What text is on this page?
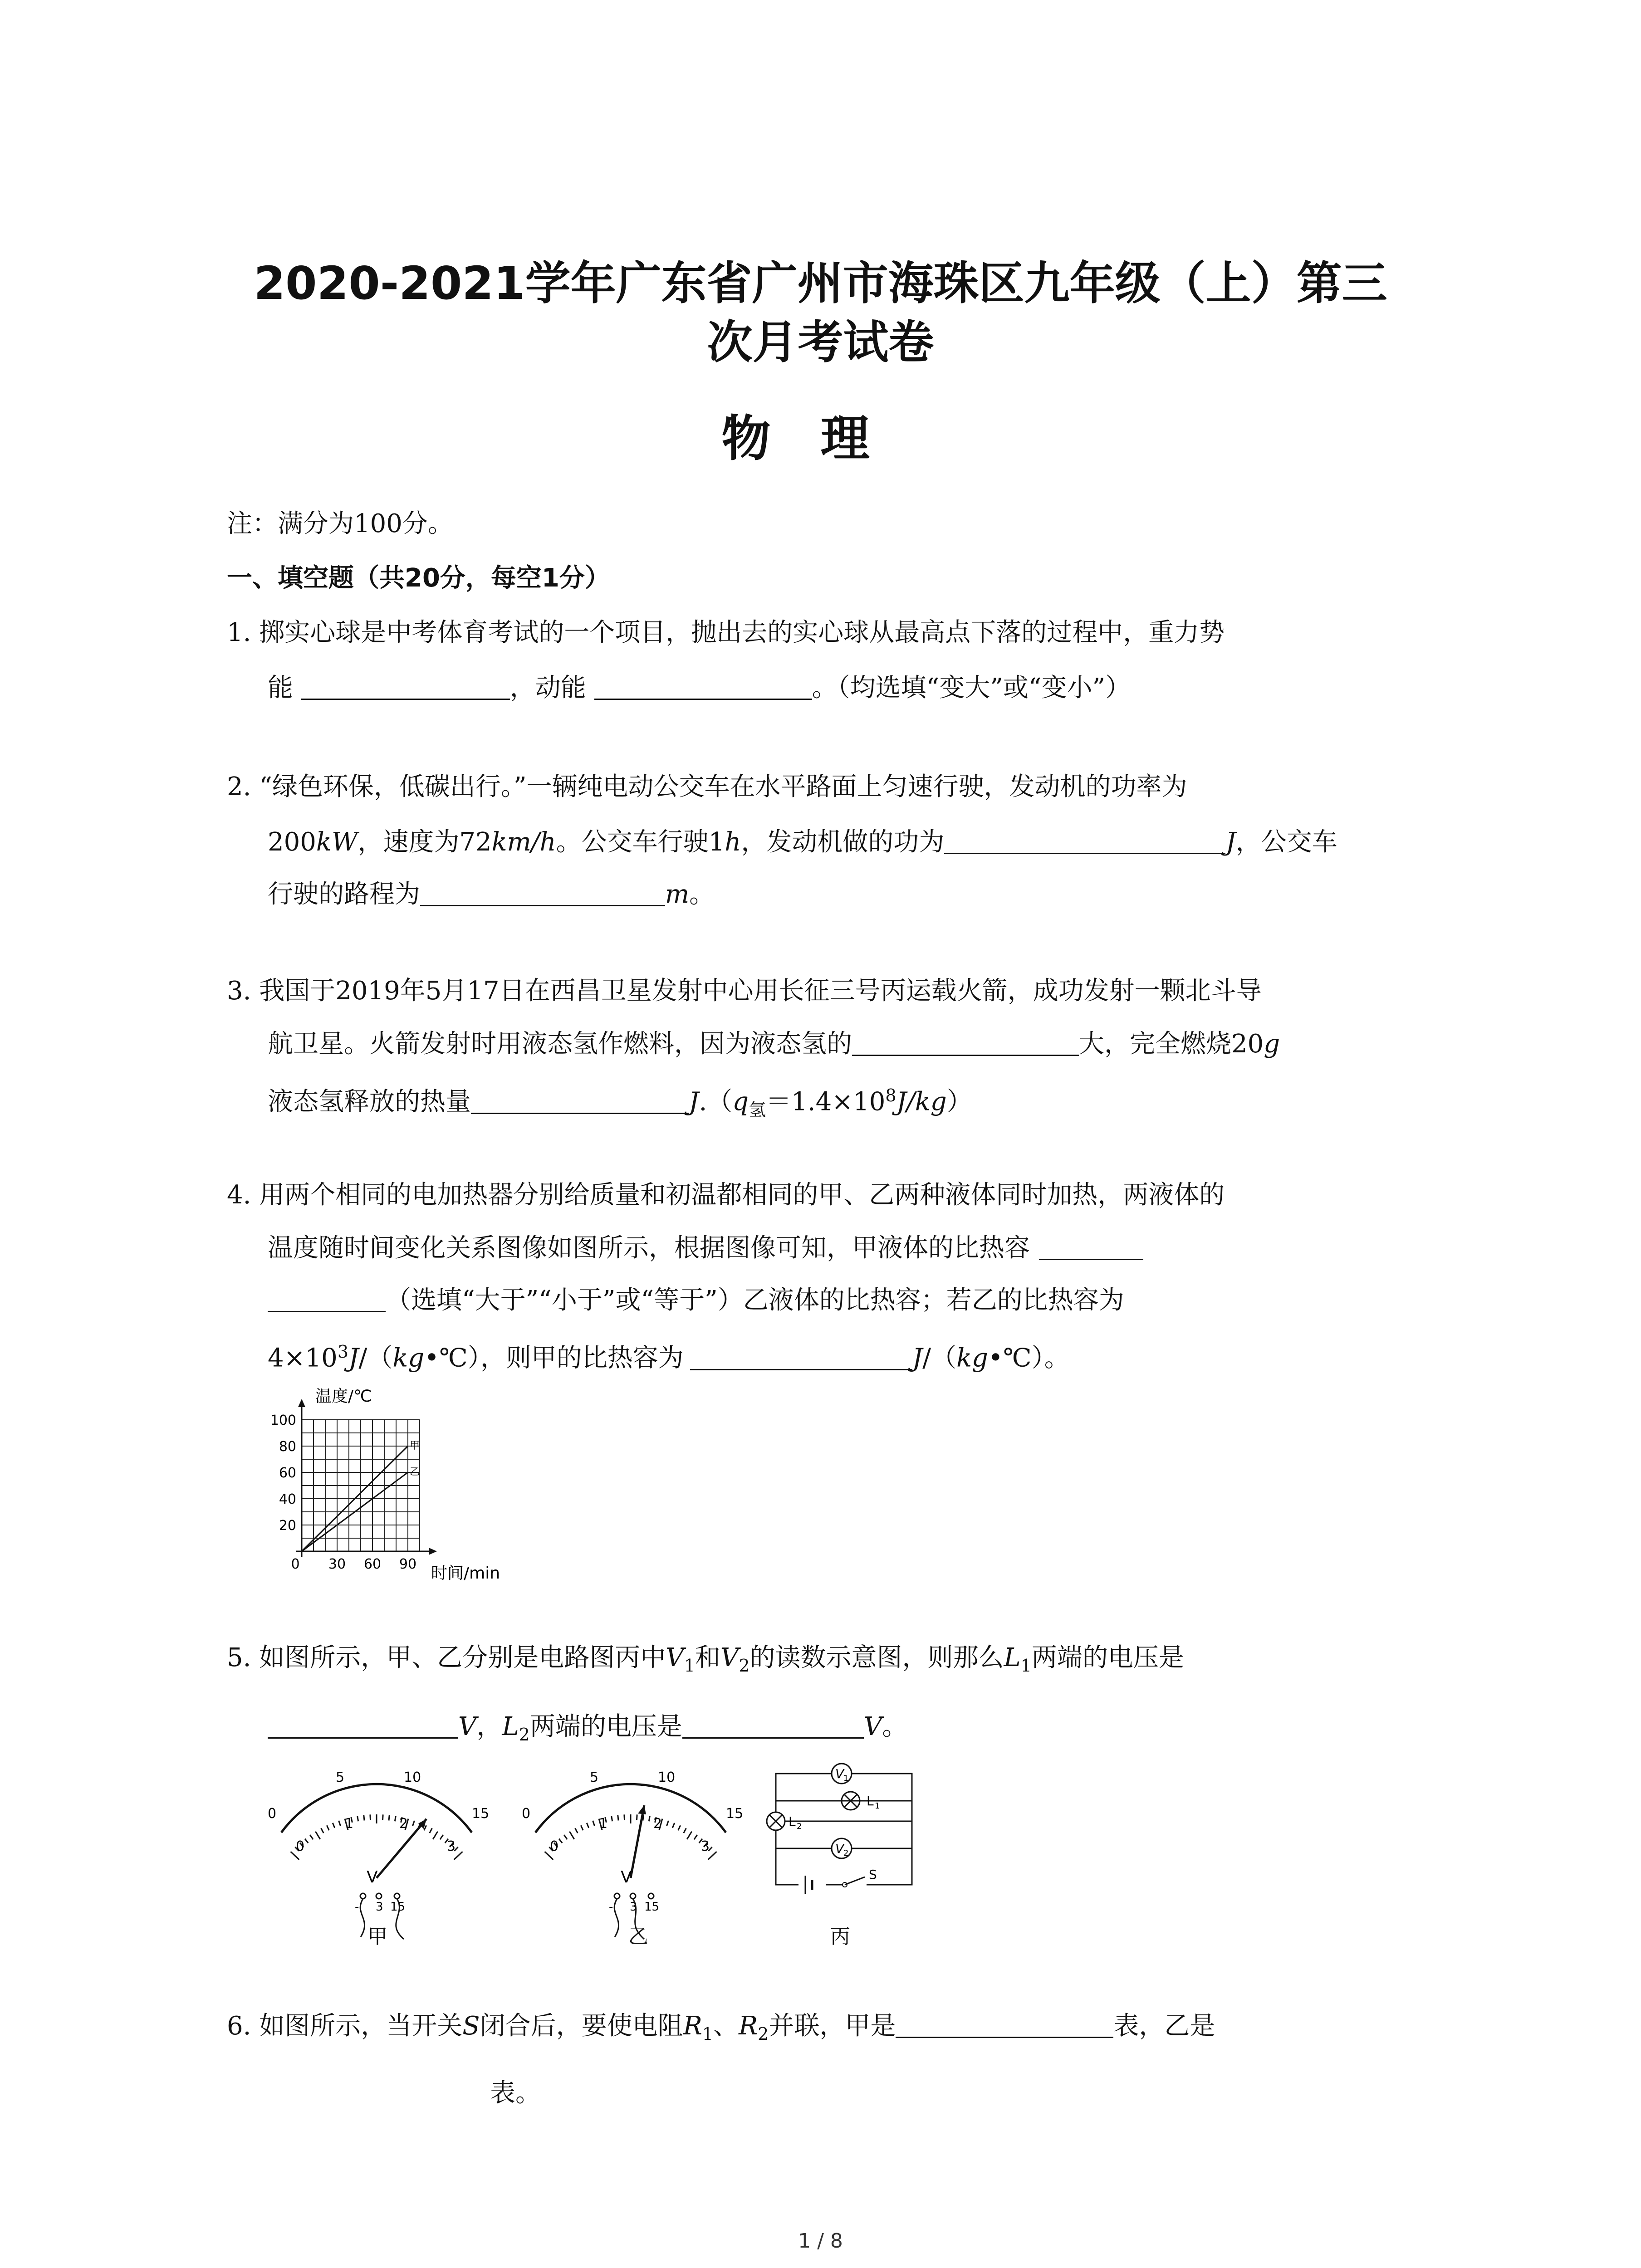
2020-2021学年广东省广州市海珠区九年级（上）第三
次月考试卷
物理
注：满分为100分。
一、填空题（共20分，每空1分）
1. 掷实心球是中考体育考试的一个项目，抛出去的实心球从最高点下落的过程中，重力势
能	，动能	。（均选填“变大”或“变小”）
2. “绿色环保，低碳出行。”一辆纯电动公交车在水平路面上匀速行驶，发动机的功率为
200kW，速度为72km/h。公交车行驶1h，发动机做的功为	J，公交车
行驶的路程为	m。
3. 我国于2019年5月17日在西昌卫星发射中心用长征三号丙运载火箭，成功发射一颗北斗导
航卫星。火箭发射时用液态氢作燃料，因为液态氢的	大，完全燃烧20g
液态氢释放的热量	$J.(q_氢=1.4\times 10^8J/kg)$
4. 用两个相同的电加热器分别给质量和初温都相同的甲、乙两种液体同时加热，两液体的
温度随时间变化关系图像如图所示，根据图像可知，甲液体的比热容
（选填“大于”“小于”或“等于”）乙液体的比热容；若乙的比热容为
$4\times 10^3J/(kg•℃)$，则甲的比热容为	J/（kg•℃）。
甲
乙
20
40
60
80
100
0 30 60 90
温度/℃
时间/min
5. 如图所示，甲、乙分别是电路图丙中$V_1$和$V_2$的读数示意图，则那么$L_1$两端的电压是
V，$L_2$两端的电压是	V。
0
5	10
15
0
1	2
3
V
- 3 15
0
5	10
15
0
1	2
3
V
- 3 15
V
1
L 2
L 1
V
2
S
甲	乙	丙
6. 如图所示，当开关S闭合后，要使电阻$R_1$、$R_2$并联，甲是	表，乙是
表。
1 / 8
